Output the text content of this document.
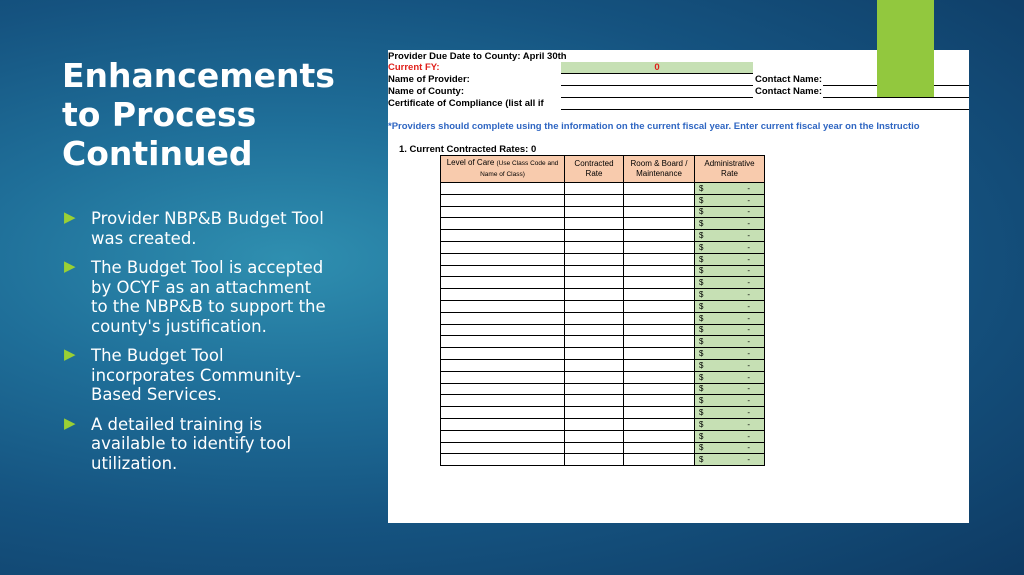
Enhancements
to Process
Continued
▶ Provider NBP&B Budget Tool was created.
▶ The Budget Tool is accepted by OCYF as an attachment to the NBP&B to support the county's justification.
▶ The Budget Tool incorporates Community-Based Services.
▶ A detailed training is available to identify tool utilization.
Provider Due Date to County: April 30th
Current FY:	0
Name of Provider:
Name of County:
Certificate of Compliance (list all if
Contact Name:
Contact Name:
*Providers should complete using the information on the current fiscal year. Enter current fiscal year on the Instructio
1. Current Contracted Rates: 0
Level of Care (Use Class Code and Name of Class)	Contracted Rate	Room & Board / Maintenance	Administrative Rate

			$ -

			$ -

			$ -

			$ -

			$ -

			$ -

			$ -

			$ -

			$ -

			$ -

			$ -

			$ -

			$ -

			$ -

			$ -

			$ -

			$ -

			$ -

			$ -

			$ -

			$ -

			$ -

			$ -

			$ -
